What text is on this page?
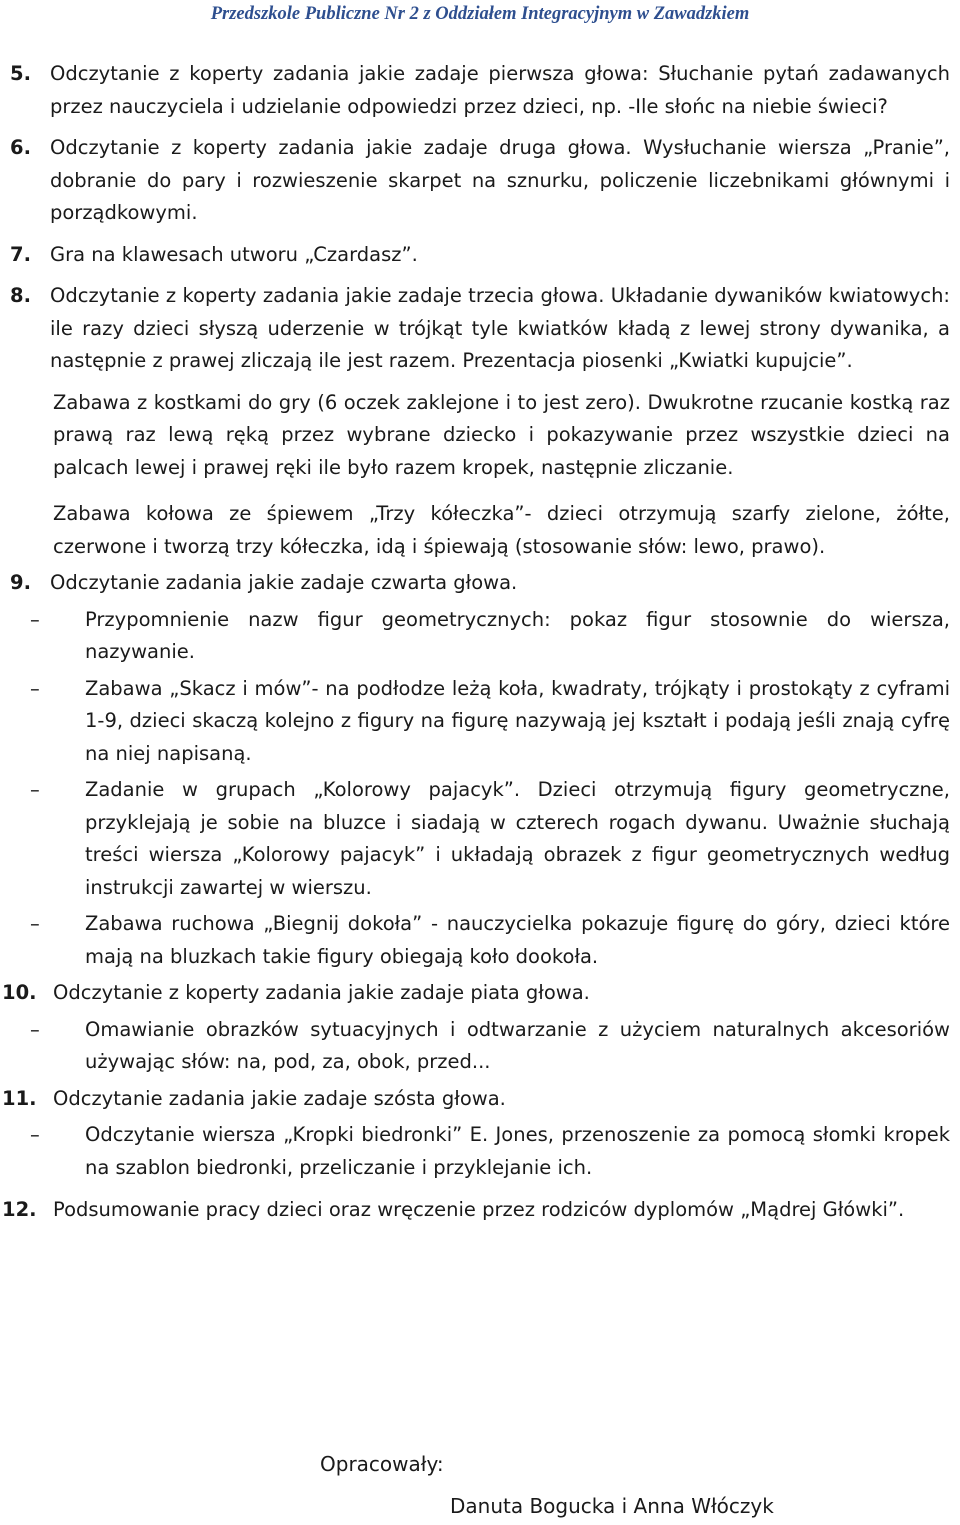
Przedszkole Publiczne Nr 2 z Oddziałem Integracyjnym w Zawadzkiem
5. Odczytanie z koperty zadania jakie zadaje pierwsza głowa: Słuchanie pytań zadawanych przez nauczyciela i udzielanie odpowiedzi przez dzieci, np. -Ile słońc na niebie świeci?
6. Odczytanie z koperty zadania jakie zadaje druga głowa. Wysłuchanie wiersza „Pranie”, dobranie do pary i rozwieszenie skarpet na sznurku, policzenie liczebnikami głównymi i porządkowymi.
7. Gra na klawesach utworu „Czardasz”.
8. Odczytanie z koperty zadania jakie zadaje trzecia głowa. Układanie dywaników kwiatowych: ile razy dzieci słyszą uderzenie w trójkąt tyle kwiatków kładą z lewej strony dywanika, a następnie z prawej zliczają ile jest razem. Prezentacja piosenki „Kwiatki kupujcie”.
Zabawa z kostkami do gry (6 oczek zaklejone i to jest zero). Dwukrotne rzucanie kostką raz prawą raz lewą ręką przez wybrane dziecko i pokazywanie przez wszystkie dzieci na palcach lewej i prawej ręki ile było razem kropek, następnie zliczanie.
Zabawa kołowa ze śpiewem „Trzy kółeczka”- dzieci otrzymują szarfy zielone, żółte, czerwone i tworzą trzy kółeczka, idą i śpiewają (stosowanie słów: lewo, prawo).
9. Odczytanie zadania jakie zadaje czwarta głowa.
– Przypomnienie nazw figur geometrycznych: pokaz figur stosownie do wiersza, nazywanie.
– Zabawa „Skacz i mów”- na podłodze leżą koła, kwadraty, trójkąty i prostokąty z cyframi 1-9, dzieci skaczą kolejno z figury na figurę nazywają jej kształt i podają jeśli znają cyfrę na niej napisaną.
– Zadanie w grupach „Kolorowy pajacyk”. Dzieci otrzymują figury geometryczne, przyklejają je sobie na bluzce i siadają w czterech rogach dywanu. Uważnie słuchają treści wiersza „Kolorowy pajacyk” i układają obrazek z figur geometrycznych według instrukcji zawartej w wierszu.
– Zabawa ruchowa „Biegnij dokoła” - nauczycielka pokazuje figurę do góry, dzieci które mają na bluzkach takie figury obiegają koło dookoła.
10. Odczytanie z koperty zadania jakie zadaje piata głowa.
– Omawianie obrazków sytuacyjnych i odtwarzanie z użyciem naturalnych akcesoriów używając słów: na, pod, za, obok, przed...
11. Odczytanie zadania jakie zadaje szósta głowa.
– Odczytanie wiersza „Kropki biedronki” E. Jones, przenoszenie za pomocą słomki kropek na szablon biedronki, przeliczanie i przyklejanie ich.
12. Podsumowanie pracy dzieci oraz wręczenie przez rodziców dyplomów „Mądrej Główki”.
Opracowały:
Danuta Bogucka i Anna Włóczyk
